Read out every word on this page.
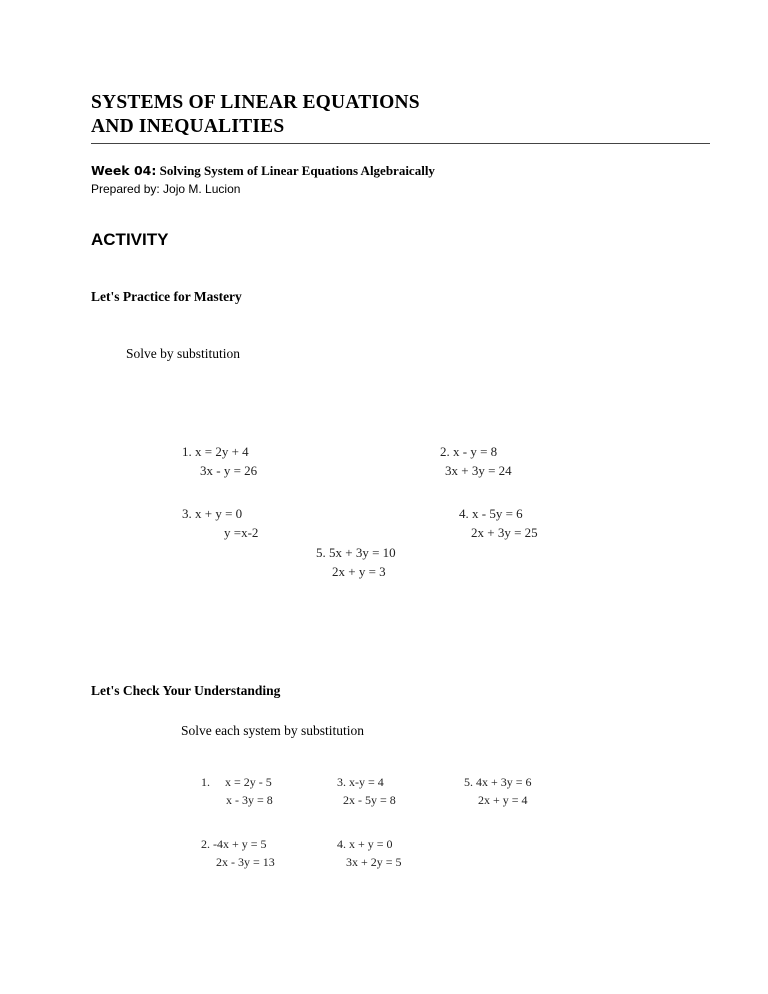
SYSTEMS OF LINEAR EQUATIONS
AND INEQUALITIES
Week 04: Solving System of Linear Equations Algebraically
Prepared by: Jojo M. Lucion
ACTIVITY
Let's Practice for Mastery
Solve by substitution
1. x = 2y + 4
3x - y = 26
2. x - y = 8
3x + 3y = 24
3. x + y = 0
y =x-2
4. x - 5y = 6
2x + 3y = 25
5. 5x + 3y = 10
2x + y = 3
Let's Check Your Understanding
Solve each system by substitution
1. x = 2y - 5
x - 3y = 8
3. x-y = 4
2x - 5y = 8
5. 4x + 3y = 6
2x + y = 4
2. -4x + y = 5
2x - 3y = 13
4. x + y = 0
3x + 2y = 5
